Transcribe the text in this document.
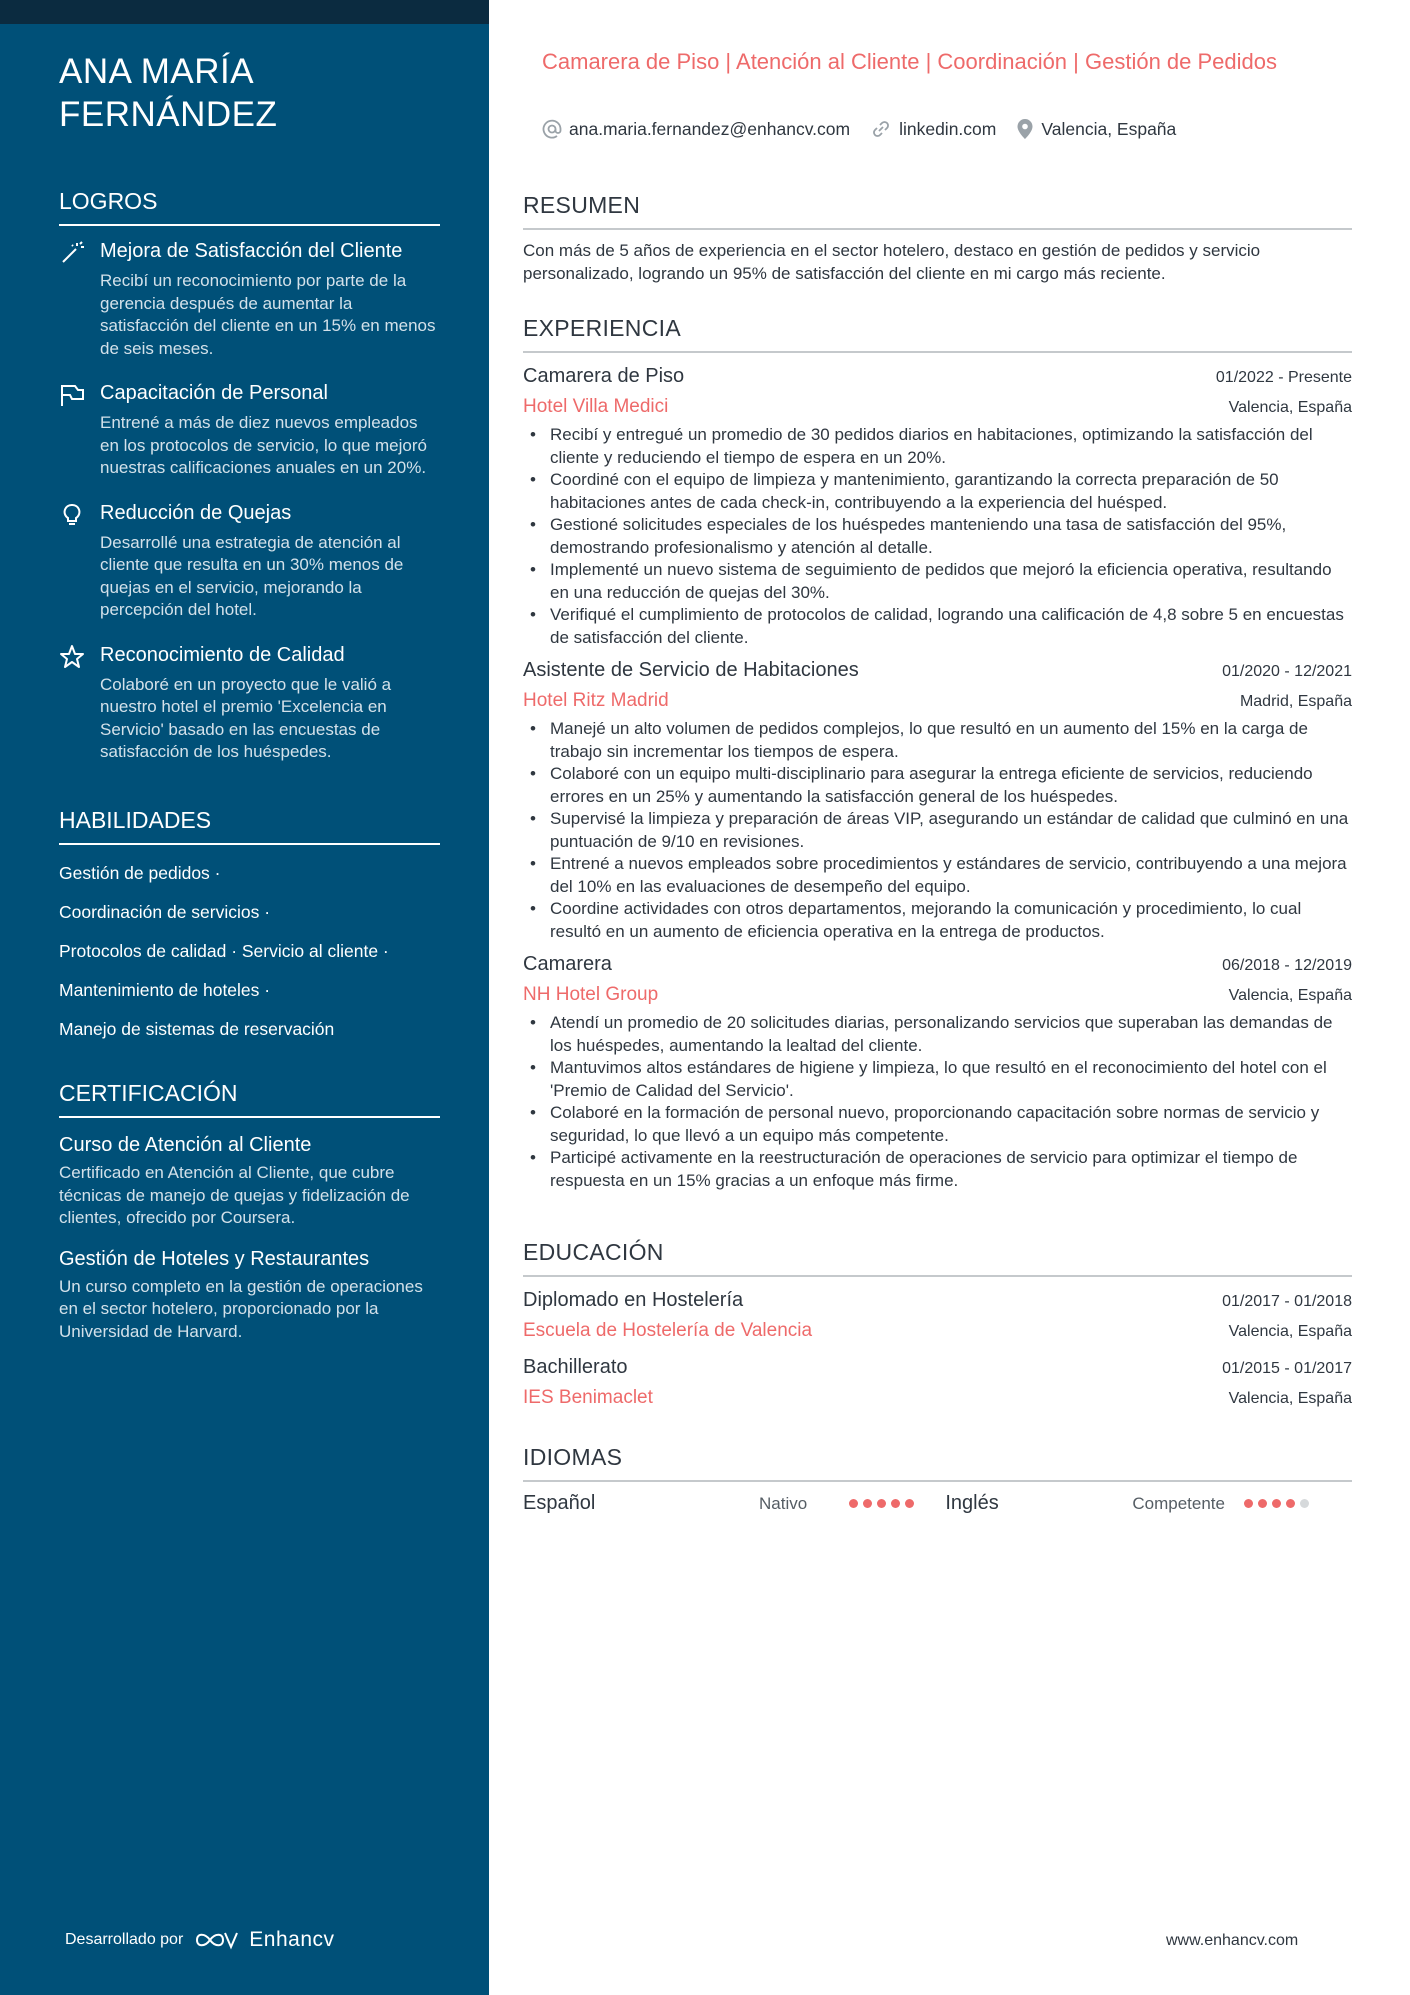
ANA MARÍA FERNÁNDEZ
LOGROS
Mejora de Satisfacción del Cliente
Recibí un reconocimiento por parte de la gerencia después de aumentar la satisfacción del cliente en un 15% en menos de seis meses.
Capacitación de Personal
Entrené a más de diez nuevos empleados en los protocolos de servicio, lo que mejoró nuestras calificaciones anuales en un 20%.
Reducción de Quejas
Desarrollé una estrategia de atención al cliente que resulta en un 30% menos de quejas en el servicio, mejorando la percepción del hotel.
Reconocimiento de Calidad
Colaboré en un proyecto que le valió a nuestro hotel el premio 'Excelencia en Servicio' basado en las encuestas de satisfacción de los huéspedes.
HABILIDADES
Gestión de pedidos ·
Coordinación de servicios ·
Protocolos de calidad · Servicio al cliente ·
Mantenimiento de hoteles ·
Manejo de sistemas de reservación
CERTIFICACIÓN
Curso de Atención al Cliente
Certificado en Atención al Cliente, que cubre técnicas de manejo de quejas y fidelización de clientes, ofrecido por Coursera.
Gestión de Hoteles y Restaurantes
Un curso completo en la gestión de operaciones en el sector hotelero, proporcionado por la Universidad de Harvard.
Desarrollado por	Enhancv
Camarera de Piso | Atención al Cliente | Coordinación | Gestión de Pedidos
ana.maria.fernandez@enhancv.com	linkedin.com	Valencia, España
RESUMEN
Con más de 5 años de experiencia en el sector hotelero, destaco en gestión de pedidos y servicio personalizado, logrando un 95% de satisfacción del cliente en mi cargo más reciente.
EXPERIENCIA
Camarera de Piso	01/2022 - Presente
Hotel Villa Medici	Valencia, España
• Recibí y entregué un promedio de 30 pedidos diarios en habitaciones, optimizando la satisfacción del cliente y reduciendo el tiempo de espera en un 20%.
• Coordiné con el equipo de limpieza y mantenimiento, garantizando la correcta preparación de 50 habitaciones antes de cada check-in, contribuyendo a la experiencia del huésped.
• Gestioné solicitudes especiales de los huéspedes manteniendo una tasa de satisfacción del 95%, demostrando profesionalismo y atención al detalle.
• Implementé un nuevo sistema de seguimiento de pedidos que mejoró la eficiencia operativa, resultando en una reducción de quejas del 30%.
• Verifiqué el cumplimiento de protocolos de calidad, logrando una calificación de 4,8 sobre 5 en encuestas de satisfacción del cliente.
Asistente de Servicio de Habitaciones	01/2020 - 12/2021
Hotel Ritz Madrid	Madrid, España
• Manejé un alto volumen de pedidos complejos, lo que resultó en un aumento del 15% en la carga de trabajo sin incrementar los tiempos de espera.
• Colaboré con un equipo multi-disciplinario para asegurar la entrega eficiente de servicios, reduciendo errores en un 25% y aumentando la satisfacción general de los huéspedes.
• Supervisé la limpieza y preparación de áreas VIP, asegurando un estándar de calidad que culminó en una puntuación de 9/10 en revisiones.
• Entrené a nuevos empleados sobre procedimientos y estándares de servicio, contribuyendo a una mejora del 10% en las evaluaciones de desempeño del equipo.
• Coordine actividades con otros departamentos, mejorando la comunicación y procedimiento, lo cual resultó en un aumento de eficiencia operativa en la entrega de productos.
Camarera	06/2018 - 12/2019
NH Hotel Group	Valencia, España
• Atendí un promedio de 20 solicitudes diarias, personalizando servicios que superaban las demandas de los huéspedes, aumentando la lealtad del cliente.
• Mantuvimos altos estándares de higiene y limpieza, lo que resultó en el reconocimiento del hotel con el 'Premio de Calidad del Servicio'.
• Colaboré en la formación de personal nuevo, proporcionando capacitación sobre normas de servicio y seguridad, lo que llevó a un equipo más competente.
• Participé activamente en la reestructuración de operaciones de servicio para optimizar el tiempo de respuesta en un 15% gracias a un enfoque más firme.
EDUCACIÓN
Diplomado en Hostelería	01/2017 - 01/2018
Escuela de Hostelería de Valencia	Valencia, España
Bachillerato	01/2015 - 01/2017
IES Benimaclet	Valencia, España
IDIOMAS
Español	Nativo	Inglés	Competente
www.enhancv.com
